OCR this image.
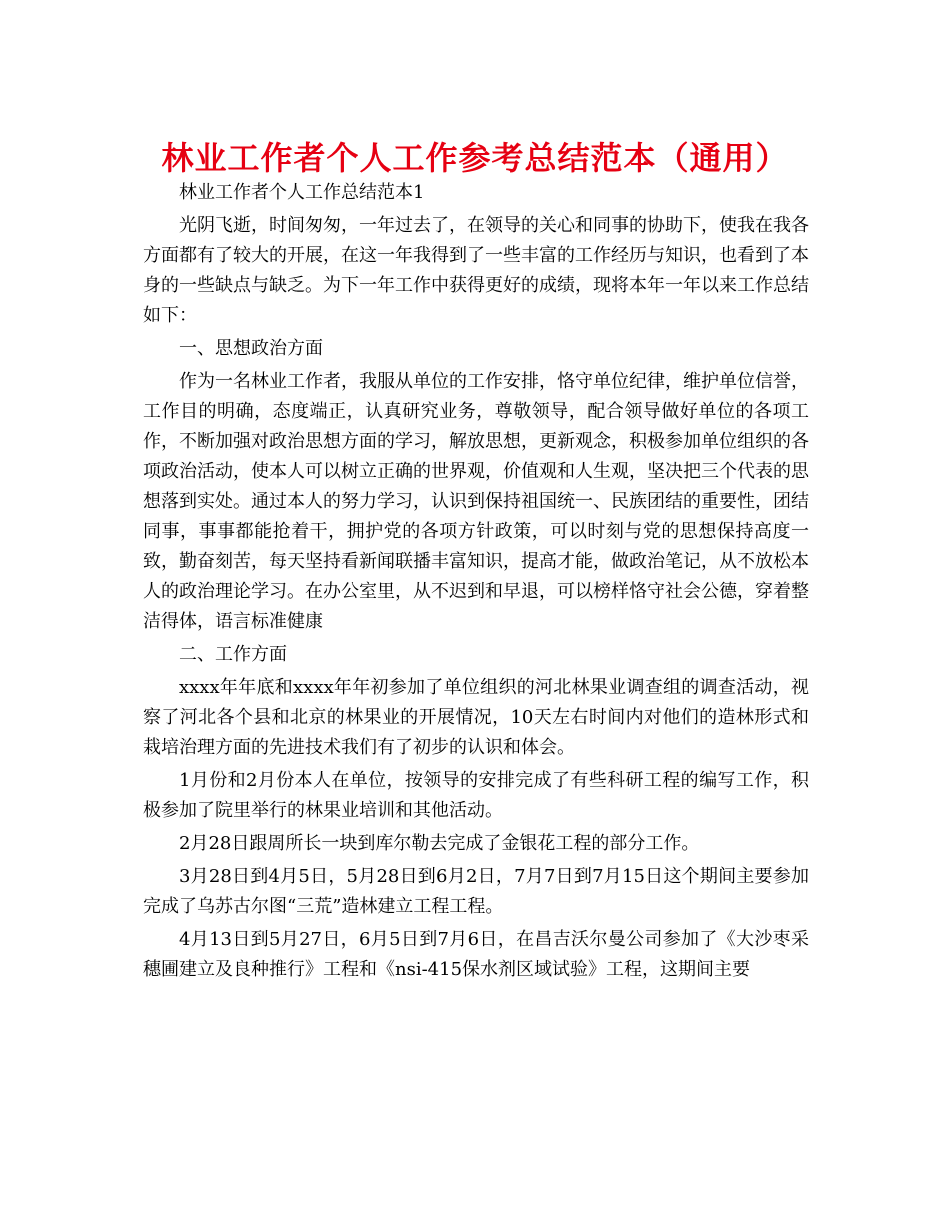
林业工作者个人工作参考总结范本（通用）

林业工作者个人工作总结范本1

光阴飞逝，时间匆匆，一年过去了，在领导的关心和同事的协助下，使我在我各方面都有了较大的开展，在这一年我得到了一些丰富的工作经历与知识，也看到了本身的一些缺点与缺乏。为下一年工作中获得更好的成绩，现将本年一年以来工作总结如下：

一、思想政治方面

作为一名林业工作者，我服从单位的工作安排，恪守单位纪律，维护单位信誉，工作目的明确，态度端正，认真研究业务，尊敬领导，配合领导做好单位的各项工作，不断加强对政治思想方面的学习，解放思想，更新观念，积极参加单位组织的各项政治活动，使本人可以树立正确的世界观，价值观和人生观，坚决把三个代表的思想落到实处。通过本人的努力学习，认识到保持祖国统一、民族团结的重要性，团结同事，事事都能抢着干，拥护党的各项方针政策，可以时刻与党的思想保持高度一致，勤奋刻苦，每天坚持看新闻联播丰富知识，提高才能，做政治笔记，从不放松本人的政治理论学习。在办公室里，从不迟到和早退，可以榜样恪守社会公德，穿着整洁得体，语言标准健康

二、工作方面

xxxx年年底和xxxx年年初参加了单位组织的河北林果业调查组的调查活动，视察了河北各个县和北京的林果业的开展情况，10天左右时间内对他们的造林形式和栽培治理方面的先进技术我们有了初步的认识和体会。

1月份和2月份本人在单位，按领导的安排完成了有些科研工程的编写工作，积极参加了院里举行的林果业培训和其他活动。

2月28日跟周所长一块到库尔勒去完成了金银花工程的部分工作。

3月28日到4月5日，5月28日到6月2日，7月7日到7月15日这个期间主要参加完成了乌苏古尔图“三荒”造林建立工程工程。

4月13日到5月27日，6月5日到7月6日，在昌吉沃尔曼公司参加了《大沙枣采穗圃建立及良种推行》工程和《nsi-415保水剂区域试验》工程，这期间主要
